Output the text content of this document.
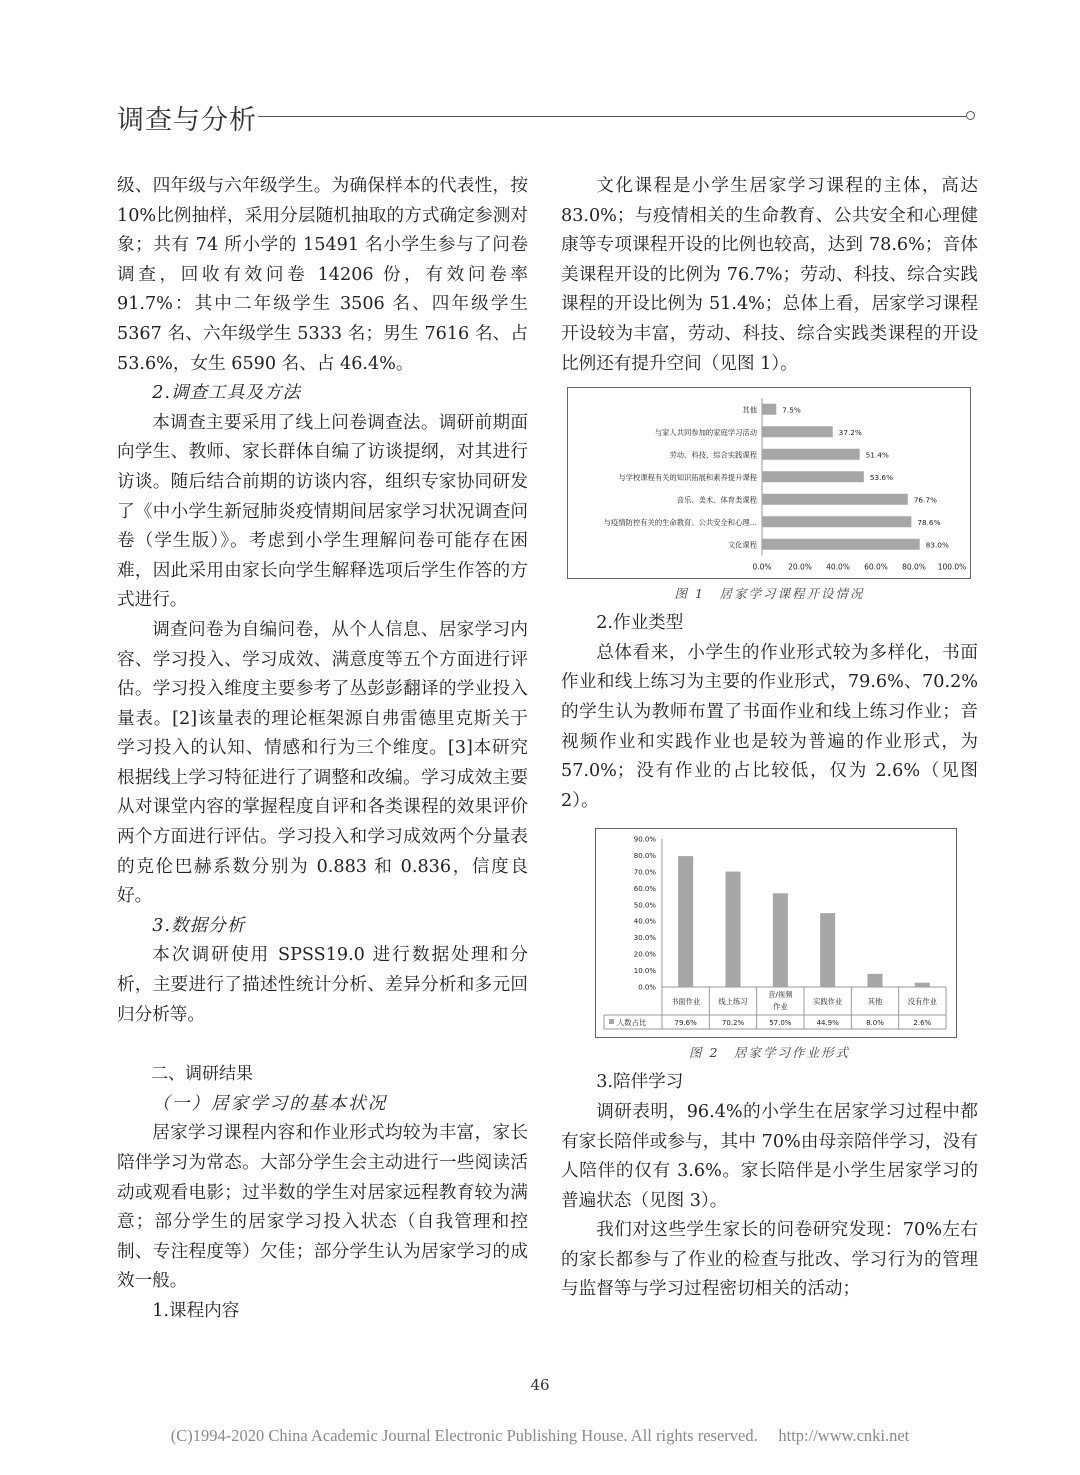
调查与分析

级、四年级与六年级学生。为确保样本的代表性，按 10%比例抽样，采用分层随机抽取的方式确定参测对象；共有 74 所小学的 15491 名小学生参与了问卷调查，回收有效问卷 14206 份，有效问卷率 91.7%：其中二年级学生 3506 名、四年级学生 5367 名、六年级学生 5333 名；男生 7616 名、占 53.6%，女生 6590 名、占 46.4%。

2.调查工具及方法

本调查主要采用了线上问卷调查法。调研前期面向学生、教师、家长群体自编了访谈提纲，对其进行访谈。随后结合前期的访谈内容，组织专家协同研发了《中小学生新冠肺炎疫情期间居家学习状况调查问卷（学生版）》。考虑到小学生理解问卷可能存在困难，因此采用由家长向学生解释选项后学生作答的方式进行。

调查问卷为自编问卷，从个人信息、居家学习内容、学习投入、学习成效、满意度等五个方面进行评估。学习投入维度主要参考了丛彭彭翻译的学业投入量表。[2]该量表的理论框架源自弗雷德里克斯关于学习投入的认知、情感和行为三个维度。[3]本研究根据线上学习特征进行了调整和改编。学习成效主要从对课堂内容的掌握程度自评和各类课程的效果评价两个方面进行评估。学习投入和学习成效两个分量表的克伦巴赫系数分别为 0.883 和 0.836，信度良好。

3.数据分析

本次调研使用 SPSS19.0 进行数据处理和分析，主要进行了描述性统计分析、差异分析和多元回归分析等。

二、调研结果

（一）居家学习的基本状况

居家学习课程内容和作业形式均较为丰富，家长陪伴学习为常态。大部分学生会主动进行一些阅读活动或观看电影；过半数的学生对居家远程教育较为满意；部分学生的居家学习投入状态（自我管理和控制、专注程度等）欠佳；部分学生认为居家学习的成效一般。

1.课程内容

文化课程是小学生居家学习课程的主体，高达 83.0%；与疫情相关的生命教育、公共安全和心理健康等专项课程开设的比例也较高，达到 78.6%；音体美课程开设的比例为 76.7%；劳动、科技、综合实践课程的开设比例为 51.4%；总体上看，居家学习课程开设较为丰富，劳动、科技、综合实践类课程的开设比例还有提升空间（见图 1）。

其他	7.5%
与家人共同参加的家庭学习活动	37.2%
劳动、科技、综合实践课程	51.4%
与学校课程有关的知识拓展和素养提升课程	53.6%
音乐、美术、体育类课程	76.7%
与疫情防控有关的生命教育、公共安全和心理…	78.6%
文化课程	83.0%
0.0% 20.0% 40.0% 60.0% 80.0% 100.0%
图 1　居家学习课程开设情况

2.作业类型

总体看来，小学生的作业形式较为多样化，书面作业和线上练习为主要的作业形式，79.6%、70.2%的学生认为教师布置了书面作业和线上练习作业；音视频作业和实践作业也是较为普遍的作业形式，为 57.0%；没有作业的占比较低，仅为 2.6%（见图 2）。

0.0%
10.0%
20.0%
30.0%
40.0%
50.0%
60.0%
70.0%
80.0%
90.0%
书面作业
79.6%
线上练习
70.2%
音/视频
作业
57.0%
实践作业
44.9%
其他
8.0%
没有作业
2.6%
人数占比
图 2　居家学习作业形式

3.陪伴学习

调研表明，96.4%的小学生在居家学习过程中都有家长陪伴或参与，其中 70%由母亲陪伴学习，没有人陪伴的仅有 3.6%。家长陪伴是小学生居家学习的普遍状态（见图 3）。

我们对这些学生家长的问卷研究发现：70%左右的家长都参与了作业的检查与批改、学习行为的管理与监督等与学习过程密切相关的活动；

46
(C)1994-2020 China Academic Journal Electronic Publishing House. All rights reserved.　 http://www.cnki.net
